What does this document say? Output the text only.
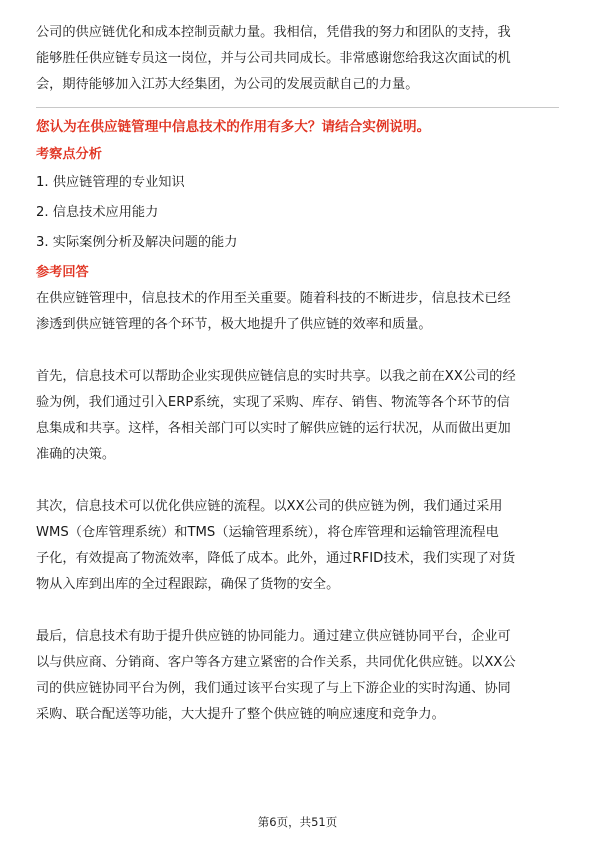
公司的供应链优化和成本控制贡献力量。我相信，凭借我的努力和团队的支持，我

能够胜任供应链专员这一岗位，并与公司共同成长。非常感谢您给我这次面试的机

会，期待能够加入江苏大经集团，为公司的发展贡献自己的力量。

您认为在供应链管理中信息技术的作用有多大？请结合实例说明。

考察点分析

1. 供应链管理的专业知识

2. 信息技术应用能力

3. 实际案例分析及解决问题的能力

参考回答

在供应链管理中，信息技术的作用至关重要。随着科技的不断进步，信息技术已经

渗透到供应链管理的各个环节，极大地提升了供应链的效率和质量。

首先，信息技术可以帮助企业实现供应链信息的实时共享。以我之前在XX公司的经

验为例，我们通过引入ERP系统，实现了采购、库存、销售、物流等各个环节的信

息集成和共享。这样，各相关部门可以实时了解供应链的运行状况，从而做出更加

准确的决策。

其次，信息技术可以优化供应链的流程。以XX公司的供应链为例，我们通过采用

WMS（仓库管理系统）和TMS（运输管理系统），将仓库管理和运输管理流程电

子化，有效提高了物流效率，降低了成本。此外，通过RFID技术，我们实现了对货

物从入库到出库的全过程跟踪，确保了货物的安全。

最后，信息技术有助于提升供应链的协同能力。通过建立供应链协同平台，企业可

以与供应商、分销商、客户等各方建立紧密的合作关系，共同优化供应链。以XX公

司的供应链协同平台为例，我们通过该平台实现了与上下游企业的实时沟通、协同

采购、联合配送等功能，大大提升了整个供应链的响应速度和竞争力。

第6页，共51页
